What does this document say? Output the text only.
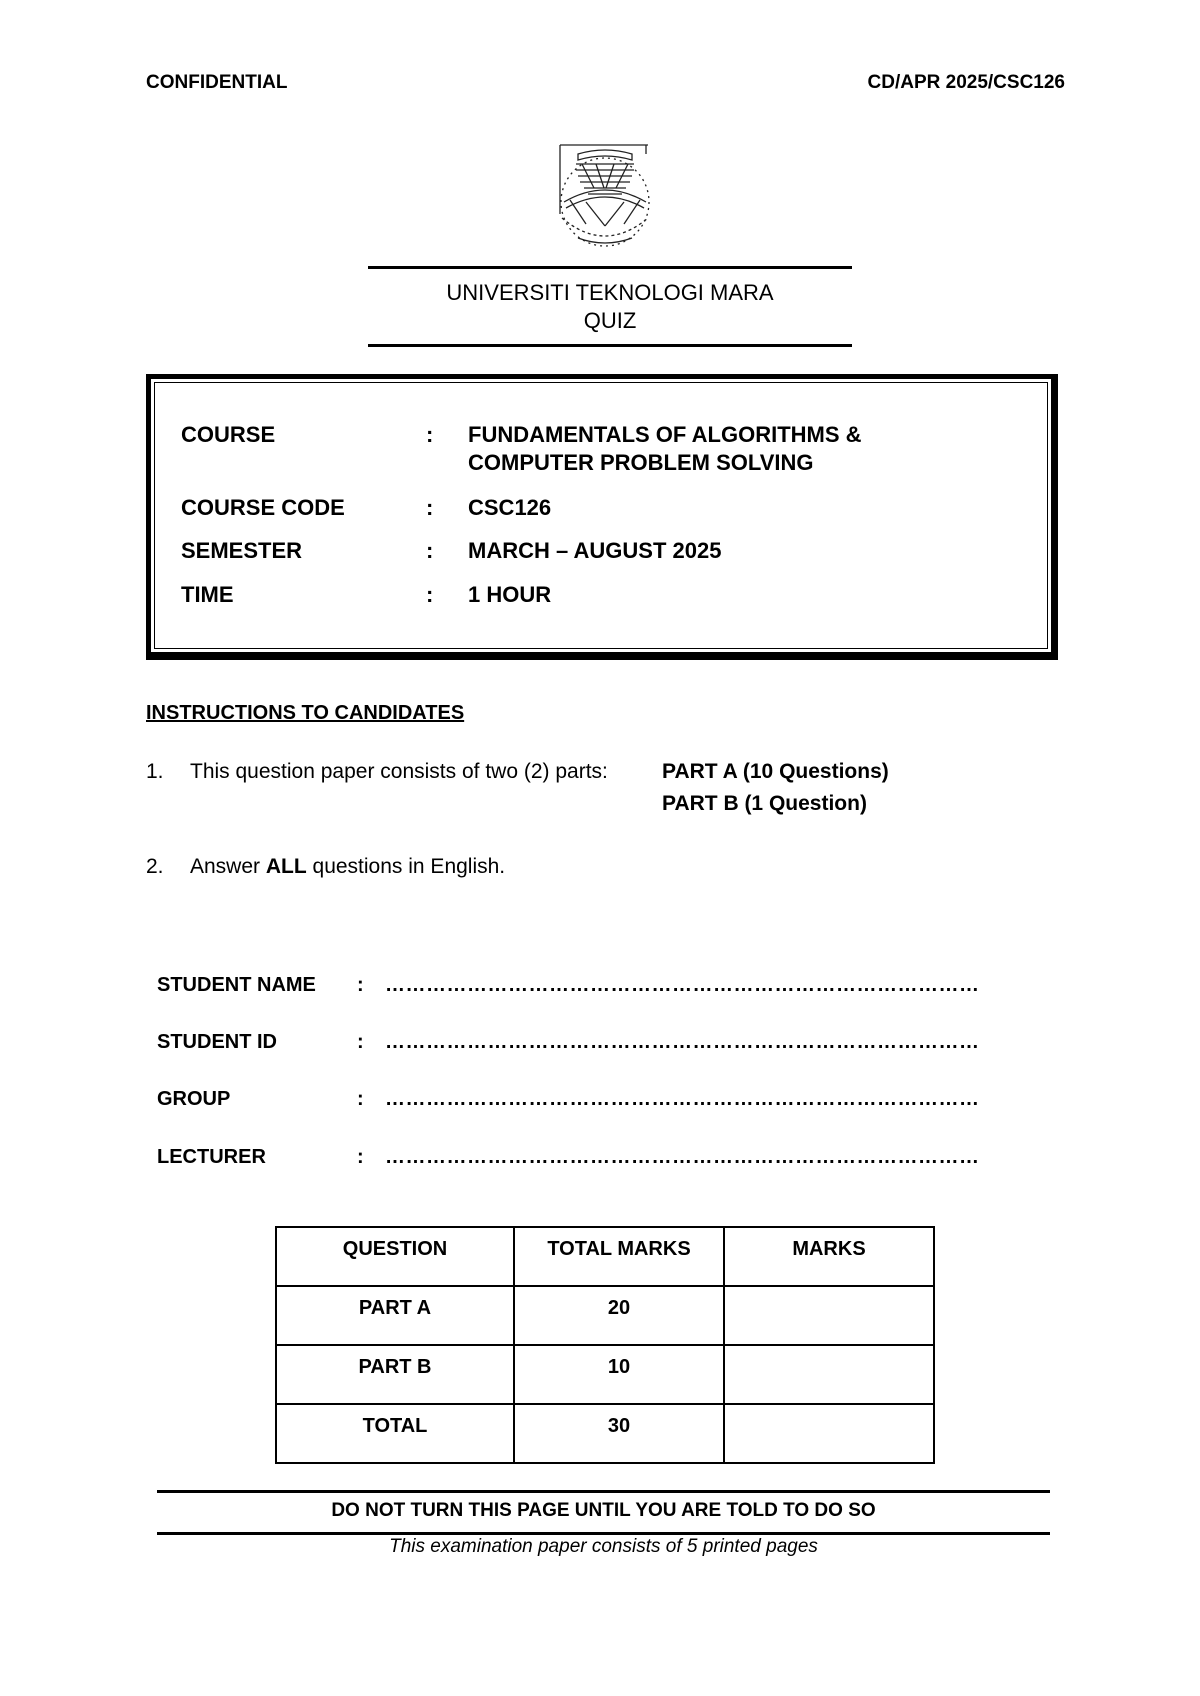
CONFIDENTIAL	CD/APR 2025/CSC126
UNIVERSITI TEKNOLOGI MARA
QUIZ
COURSE	: FUNDAMENTALS OF ALGORITHMS &
COMPUTER PROBLEM SOLVING
COURSE CODE	: CSC126
SEMESTER	: MARCH – AUGUST 2025
TIME	: 1 HOUR
INSTRUCTIONS TO CANDIDATES
1. This question paper consists of two (2) parts:	PART A (10 Questions)
PART B (1 Question)
2. Answer ALL questions in English.
STUDENT NAME	: ……………………………………………………………………………
STUDENT ID	: ……………………………………………………………………………
GROUP	: ……………………………………………………………………………
LECTURER	: ……………………………………………………………………………
QUESTION	TOTAL MARKS	MARKS
PART A	20	
PART B	10	
TOTAL	30	
DO NOT TURN THIS PAGE UNTIL YOU ARE TOLD TO DO SO
This examination paper consists of 5 printed pages
